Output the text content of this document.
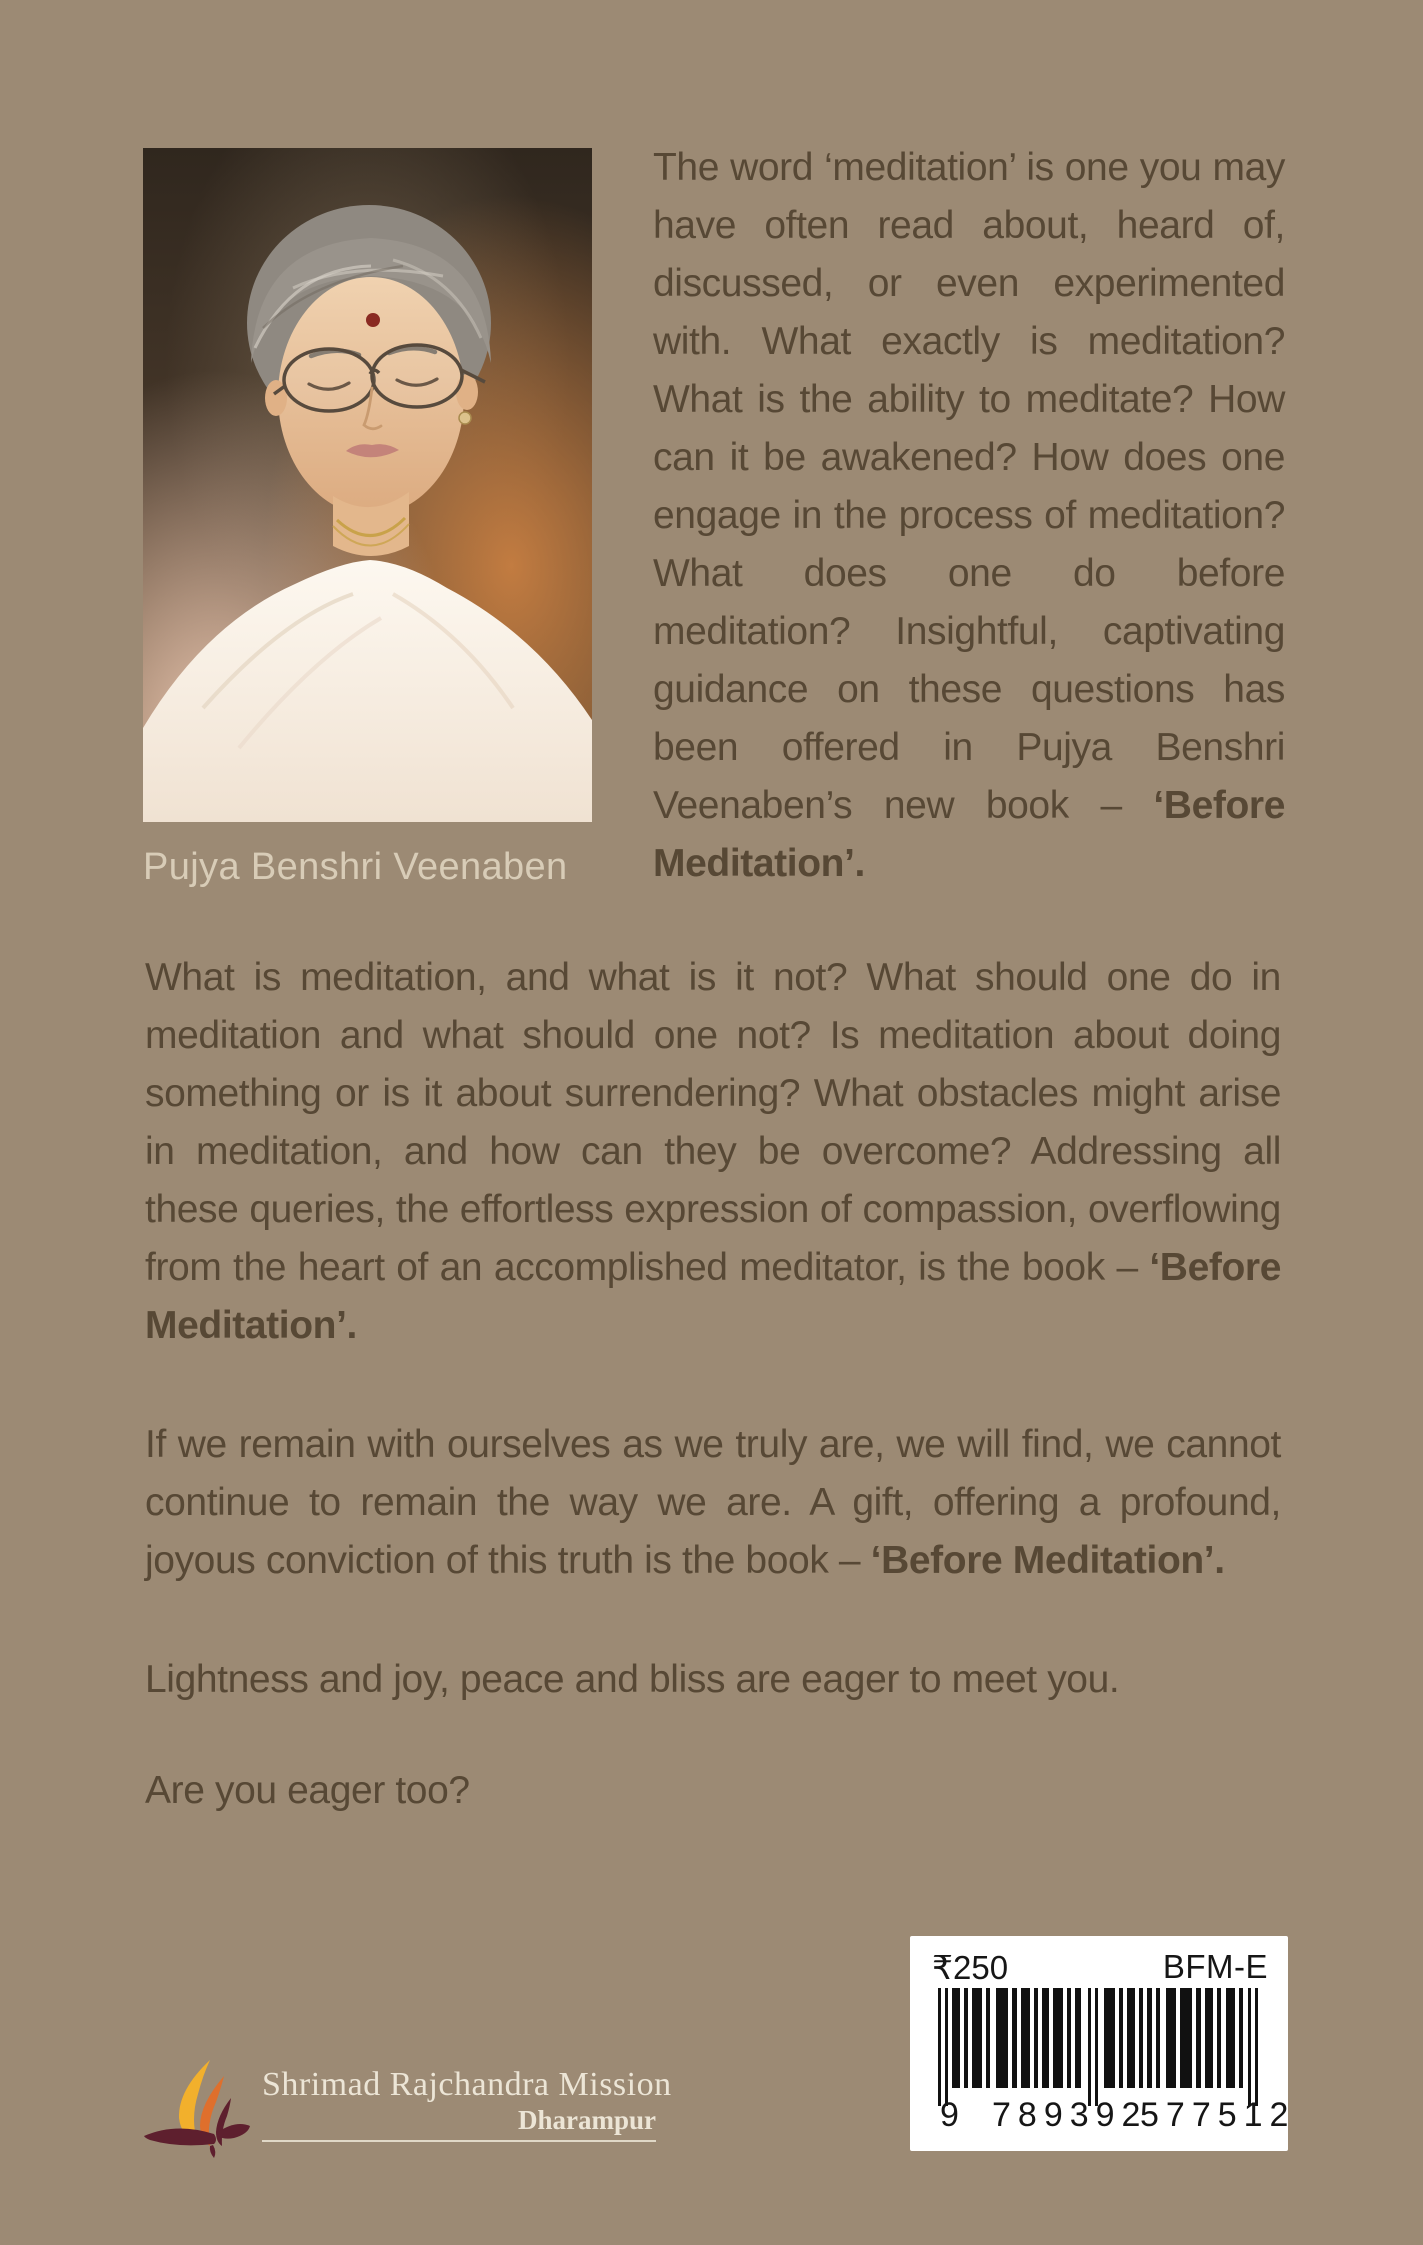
Pujya Benshri Veenaben

The word ‘meditation’ is one you may have often read about, heard of, discussed, or even experimented with. What exactly is meditation? What is the ability to meditate? How can it be awakened? How does one engage in the process of meditation? What does one do before meditation? Insightful, captivating guidance on these questions has been offered in Pujya Benshri Veenaben’s new book – ‘Before Meditation’.

What is meditation, and what is it not? What should one do in meditation and what should one not? Is meditation about doing something or is it about surrendering? What obstacles might arise in meditation, and how can they be overcome? Addressing all these queries, the effortless expression of compassion, overflowing from the heart of an accomplished meditator, is the book – ‘Before Meditation’.

If we remain with ourselves as we truly are, we will find, we cannot continue to remain the way we are. A gift, offering a profound, joyous conviction of this truth is the book – ‘Before Meditation’.

Lightness and joy, peace and bliss are eager to meet you.

Are you eager too?

₹250	BFM-E
9 789392
577512
Shrimad Rajchandra Mission
Dharampur
